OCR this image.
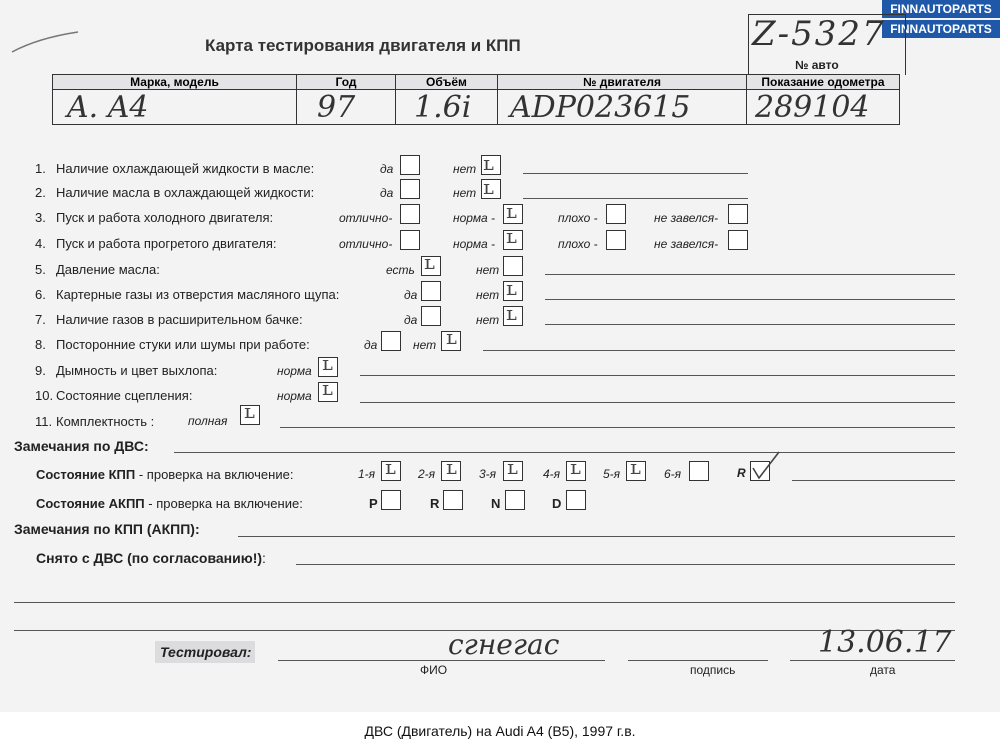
FINNAUTOPARTS
FINNAUTOPARTS
Карта тестирования двигателя и КПП	Z-5327
№ авто
Марка, модель	Год	Объём	№ двигателя	Показание одометра

A. A4	97	1.6i	ADP023615	289104
1. Наличие охлаждающей жидкости в масле:	да	нет ʟ
2. Наличие масла в охлаждающей жидкости:	да	нет ʟ
3. Пуск и работа холодного двигателя:	отлично-	норма - ʟ	плохо -	не завелся-
4. Пуск и работа прогретого двигателя:	отлично-	норма - ʟ	плохо -	не завелся-
5. Давление масла:	есть ʟ	нет
6. Картерные газы из отверстия масляного щупа:	да	нет ʟ
7. Наличие газов в расширительном бачке:	да	нет ʟ
8. Посторонние стуки или шумы при работе:	да	нет ʟ
9. Дымность и цвет выхлопа:	норма ʟ
10. Состояние сцепления:	норма ʟ
11. Комплектность :	полная ʟ
Замечания по ДВС:
Состояние КПП - проверка на включение:	1-я ʟ 2-я ʟ 3-я ʟ 4-я ʟ 5-я ʟ 6-я	R
Состояние АКПП - проверка на включение:	P	R	N	D
Замечания по КПП (АКПП):
Снято с ДВС (по согласованию!):
Тестировал:	сгнегас
ФИО	подпись
13.06.17
дата
ДВС (Двигатель) на Audi A4 (B5), 1997 г.в.
